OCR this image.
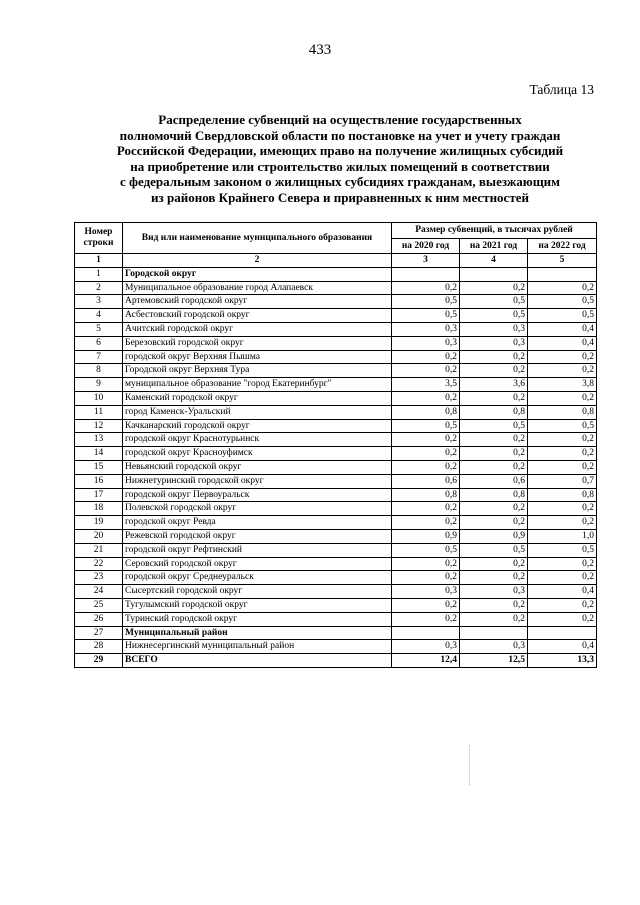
433
Таблица 13
Распределение субвенций на осуществление государственных
полномочий Свердловской области по постановке на учет и учету граждан
Российской Федерации, имеющих право на получение жилищных субсидий
на приобретение или строительство жилых помещений в соответствии
с федеральным законом о жилищных субсидиях гражданам, выезжающим
из районов Крайнего Севера и приравненных к ним местностей
Номер строки	Вид или наименование муниципального образования	Размер субвенций, в тысячах рублей		
		на 2020 год	на 2021 год	на 2022 год
1	2	3	4	5
1	Городской округ			
2	Муниципальное образование город Алапаевск	0,2	0,2	0,2
3	Артемовский городской округ	0,5	0,5	0,5
4	Асбестовский городской округ	0,5	0,5	0,5
5	Ачитский городской округ	0,3	0,3	0,4
6	Березовский городской округ	0,3	0,3	0,4
7	городской округ Верхняя Пышма	0,2	0,2	0,2
8	Городской округ Верхняя Тура	0,2	0,2	0,2
9	муниципальное образование "город Екатеринбург"	3,5	3,6	3,8
10	Каменский городской округ	0,2	0,2	0,2
11	город Каменск-Уральский	0,8	0,8	0,8
12	Качканарский городской округ	0,5	0,5	0,5
13	городской округ Краснотурьинск	0,2	0,2	0,2
14	городской округ Красноуфимск	0,2	0,2	0,2
15	Невьянский городской округ	0,2	0,2	0,2
16	Нижнетуринский городской округ	0,6	0,6	0,7
17	городской округ Первоуральск	0,8	0,8	0,8
18	Полевской городской округ	0,2	0,2	0,2
19	городской округ Ревда	0,2	0,2	0,2
20	Режевской городской округ	0,9	0,9	1,0
21	городской округ Рефтинский	0,5	0,5	0,5
22	Серовский городской округ	0,2	0,2	0,2
23	городской округ Среднеуральск	0,2	0,2	0,2
24	Сысертский городской округ	0,3	0,3	0,4
25	Тугулымский городской округ	0,2	0,2	0,2
26	Туринский городской округ	0,2	0,2	0,2
27	Муниципальный район			
28	Нижнесергинский муниципальный район	0,3	0,3	0,4
29	ВСЕГО	12,4	12,5	13,3
